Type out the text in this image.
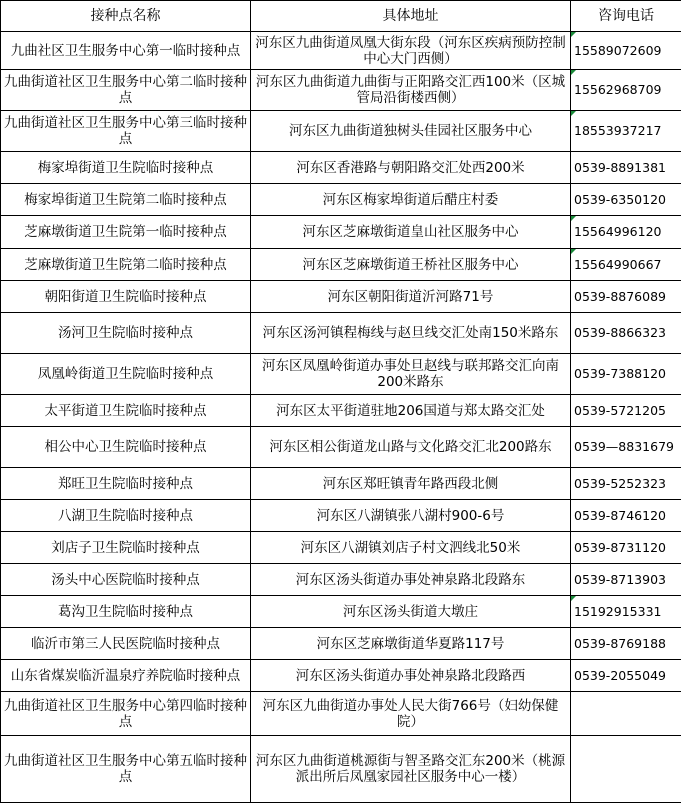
接种点名称	具体地址	咨询电话
九曲社区卫生服务中心第一临时接种点	河东区九曲街道凤凰大街东段（河东区疾病预防控制中心大门西侧）	15589072609
九曲街道社区卫生服务中心第二临时接种点	河东区九曲街道九曲街与正阳路交汇西100米（区城管局沿街楼西侧）	15562968709
九曲街道社区卫生服务中心第三临时接种点	河东区九曲街道独树头佳园社区服务中心	18553937217
梅家埠街道卫生院临时接种点	河东区香港路与朝阳路交汇处西200米	0539-8891381
梅家埠街道卫生院第二临时接种点	河东区梅家埠街道后醋庄村委	0539-6350120
芝麻墩街道卫生院第一临时接种点	河东区芝麻墩街道皇山社区服务中心	15564996120
芝麻墩街道卫生院第二临时接种点	河东区芝麻墩街道王桥社区服务中心	15564990667
朝阳街道卫生院临时接种点	河东区朝阳街道沂河路71号	0539-8876089
汤河卫生院临时接种点	河东区汤河镇程梅线与赵旦线交汇处南150米路东	0539-8866323
凤凰岭街道卫生院临时接种点	河东区凤凰岭街道办事处旦赵线与联邦路交汇向南200米路东	0539-7388120
太平街道卫生院临时接种点	河东区太平街道驻地206国道与郑太路交汇处	0539-5721205
相公中心卫生院临时接种点	河东区相公街道龙山路与文化路交汇北200路东	0539—8831679
郑旺卫生院临时接种点	河东区郑旺镇青年路西段北侧	0539-5252323
八湖卫生院临时接种点	河东区八湖镇张八湖村900-6号	0539-8746120
刘店子卫生院临时接种点	河东区八湖镇刘店子村文泗线北50米	0539-8731120
汤头中心医院临时接种点	河东区汤头街道办事处神泉路北段路东	0539-8713903
葛沟卫生院临时接种点	河东区汤头街道大墩庄	15192915331
临沂市第三人民医院临时接种点	河东区芝麻墩街道华夏路117号	0539-8769188
山东省煤炭临沂温泉疗养院临时接种点	河东区汤头街道办事处神泉路北段路西	0539-2055049
九曲街道社区卫生服务中心第四临时接种点	河东区九曲街道办事处人民大街766号（妇幼保健院）	
九曲街道社区卫生服务中心第五临时接种点	河东区九曲街道桃源街与智圣路交汇东200米（桃源派出所后凤凰家园社区服务中心一楼）	
